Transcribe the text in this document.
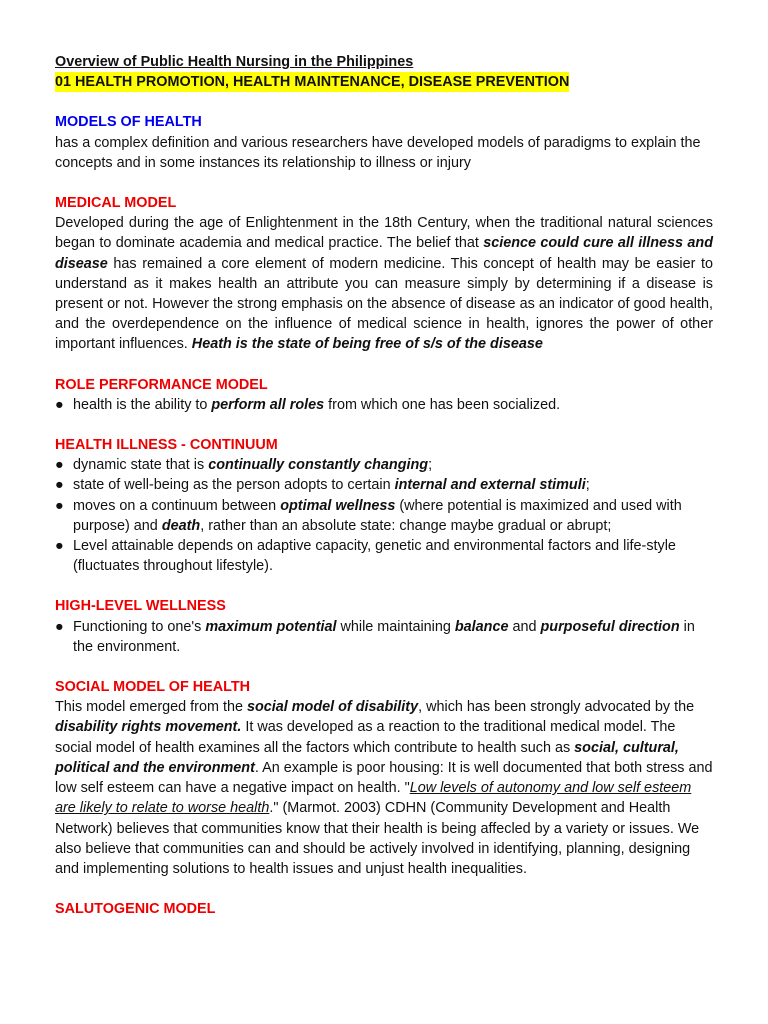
Overview of Public Health Nursing in the Philippines

01 HEALTH PROMOTION, HEALTH MAINTENANCE, DISEASE PREVENTION

MODELS OF HEALTH

has a complex definition and various researchers have developed models of paradigms to explain the concepts and in some instances its relationship to illness or injury

MEDICAL MODEL

Developed during the age of Enlightenment in the 18th Century, when the traditional natural sciences began to dominate academia and medical practice. The belief that science could cure all illness and disease has remained a core element of modern medicine. This concept of health may be easier to understand as it makes health an attribute you can measure simply by determining if a disease is present or not. However the strong emphasis on the absence of disease as an indicator of good health, and the overdependence on the influence of medical science in health, ignores the power of other important influences. Heath is the state of being free of s/s of the disease

ROLE PERFORMANCE MODEL

● health is the ability to perform all roles from which one has been socialized.

HEALTH ILLNESS - CONTINUUM

● dynamic state that is continually constantly changing;
● state of well-being as the person adopts to certain internal and external stimuli;
● moves on a continuum between optimal wellness (where potential is maximized and used with purpose) and death, rather than an absolute state: change maybe gradual or abrupt;
● Level attainable depends on adaptive capacity, genetic and environmental factors and life-style (fluctuates throughout lifestyle).

HIGH-LEVEL WELLNESS

● Functioning to one's maximum potential while maintaining balance and purposeful direction in the environment.

SOCIAL MODEL OF HEALTH

This model emerged from the social model of disability, which has been strongly advocated by the disability rights movement. It was developed as a reaction to the traditional medical model. The social model of health examines all the factors which contribute to health such as social, cultural, political and the environment. An example is poor housing: It is well documented that both stress and low self esteem can have a negative impact on health. "Low levels of autonomy and low self esteem are likely to relate to worse health." (Marmot. 2003) CDHN (Community Development and Health Network) believes that communities know that their health is being affecled by a variety or issues. We also believe that communities can and should be actively involved in identifying, planning, designing and implementing solutions to health issues and unjust health inequalities.

SALUTOGENIC MODEL
